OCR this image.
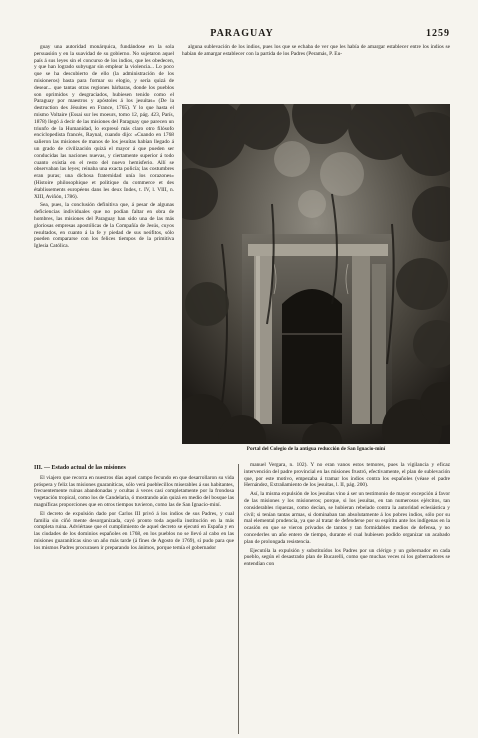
PARAGUAY	1259

guay una autoridad monárquica, fundándose en la sola persuasión y en la suavidad de su gobierno. No sujetaron aquel país á sus leyes sin el concurso de los indios, que les obedecen, y que han logrado subyugar sin emplear la violencia... Lo poco que se ha descubierto de ello (la administración de los misioneros) basta para formar su elogio, y sería quizá de desear... que tantas otras regiones bárbaras, donde los pueblos son oprimidos y desgraciados, hubiesen tenido como el Paraguay por maestros y apóstoles á los jesuítas» (De la destruction des Jésuites en France, 1765). Y lo que hasta el mismo Voltaire (Essai sur les moeurs, tomo 12, pág. 423, París, 1878) llegó á decir de las misiones del Paraguay que parecen un triunfo de la Humanidad, lo expresó más claro otro filósofo enciclopedista francés, Raynal, cuando dijo: «Cuando en 1768 salieron las misiones de manos de los jesuítas habían llegado á un grado de civilización quizá el mayor á que pueden ser conducidas las naciones nuevas, y ciertamente superior á todo cuanto existía en el resto del nuevo hemisferio. Allí se observaban las leyes; reinaba una exacta policía; las costumbres eran puras; una dichosa fraternidad unía los corazones» (Histoire philosophique et politique du commerce et des établissements européens dans les deux Indes, t. IV, l. VIII, n. XIII, Aviñón, 1786).

Sea, pues, la conclusión definitiva que, á pesar de algunas deficiencias individuales que no podían faltar en obra de hombres, las misiones del Paraguay han sido una de las más gloriosas empresas apostólicas de la Compañía de Jesús, cuyos resultados, en cuanto á la fe y piedad de sus neófitos, sólo pueden compararse con los felices tiempos de la primitiva Iglesia Católica.

alguna sublevación de los indios, pues los que se echaba de ver que les había de amargar establecer entre los indios se habían de amargar establecer con la partida de los Padres (Peramás, P. Eu-

Portal del Colegio de la antigua reducción de San Ignacio-miní
III. — Estado actual de las misiones

El viajero que recorra en nuestros días aquel campo fecundo en que desarrollaron su vida próspera y feliz las misiones guaraníticas, sólo verá pueblecillos miserables á sus habitantes, frecuentemente ruinas abandonadas y ocultas á veces casi completamente por la frondosa vegetación tropical, como los de Candelaria, ó mostrando aún quizá en medio del bosque las magníficas proporciones que en otros tiempos tuvieron, como las de San Ignacio-miní.

El decreto de expulsión dado por Carlos III privó á los indios de sus Padres, y cual familia sin ciñó mente desorganizada, cayó pronto toda aquella institución en la más completa ruina. Adviértase que el cumplimiento de aquel decreto se ejecutó en España y en las ciudades de los dominios españoles en 1768, en los pueblos no se llevó al cabo en las misiones guaraníticas sino un año más tarde (á fines de Agosto de 1769), sí pudo para que los mismos Padres procurasen ir preparando los ánimos, porque temía el gobernador

manuel Vergara, n. 102). Y no eran vanos estos temores, pues la vigilancia y eficaz intervención del padre provincial en las misiones frustró, efectivamente, el plan de sublevación que, por este motivo, empezaba á tramar los indios contra los españoles (véase el padre Hernández, Extrañamiento de los jesuitas, l. II, pág. 200).

Así, la misma expulsión de los jesuítas vino á ser un testimonio de mayor excepción á favor de las misiones y los misioneros; porque, si los jesuítas, en tan numerosos ejércitos, tan considerables riquezas, como decían, se hubieran rebelado contra la autoridad eclesiástica y civil; si tenían tantas armas, si dominaban tan absolutamente á los pobres indios, sólo por su mal elemental prudencia, ya que al tratar de defenderse por su espíritu ante los indígenas en la ocasión en que se vieron privados de tantos y tan formidables medios de defensa, y no concederles un año entero de tiempo, durante el cual hubiesen podido organizar un acabado plan de prolongada resistencia.

Ejecutóla la expulsión y substituídos los Padres por un clérigo y un gobernador en cada pueblo, según el desastrado plan de Bucarelli, como que muchas veces ni los gobernadores se entendían con
